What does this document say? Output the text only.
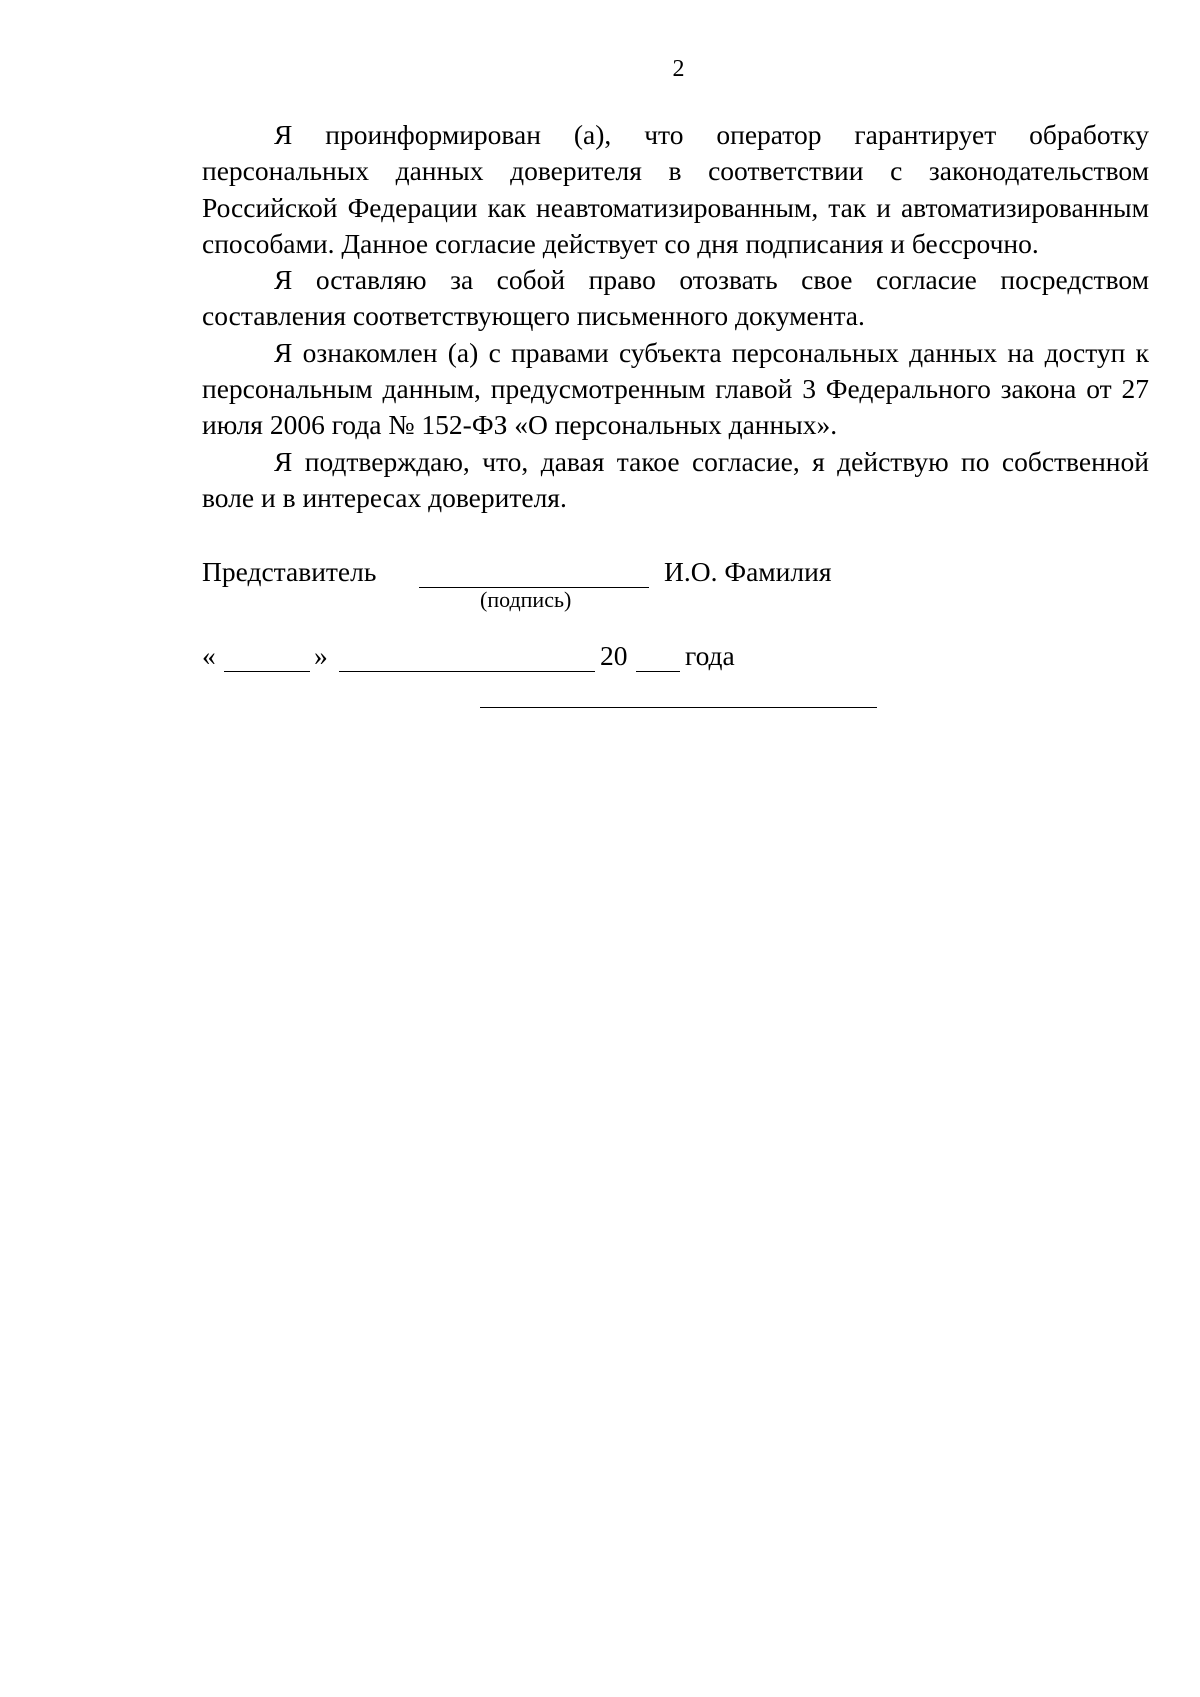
2

Я проинформирован (а), что оператор гарантирует обработку персональных данных доверителя в соответствии с законодательством Российской Федерации как неавтоматизированным, так и автоматизированным способами. Данное согласие действует со дня подписания и бессрочно.

Я оставляю за собой право отозвать свое согласие посредством составления соответствующего письменного документа.

Я ознакомлен (а) с правами субъекта персональных данных на доступ к персональным данным, предусмотренным главой 3 Федерального закона от 27 июля 2006 года № 152-ФЗ «О персональных данных».

Я подтверждаю, что, давая такое согласие, я действую по собственной воле и в интересах доверителя.

Представитель	И.О. Фамилия
(подпись)
«	»	20 года
